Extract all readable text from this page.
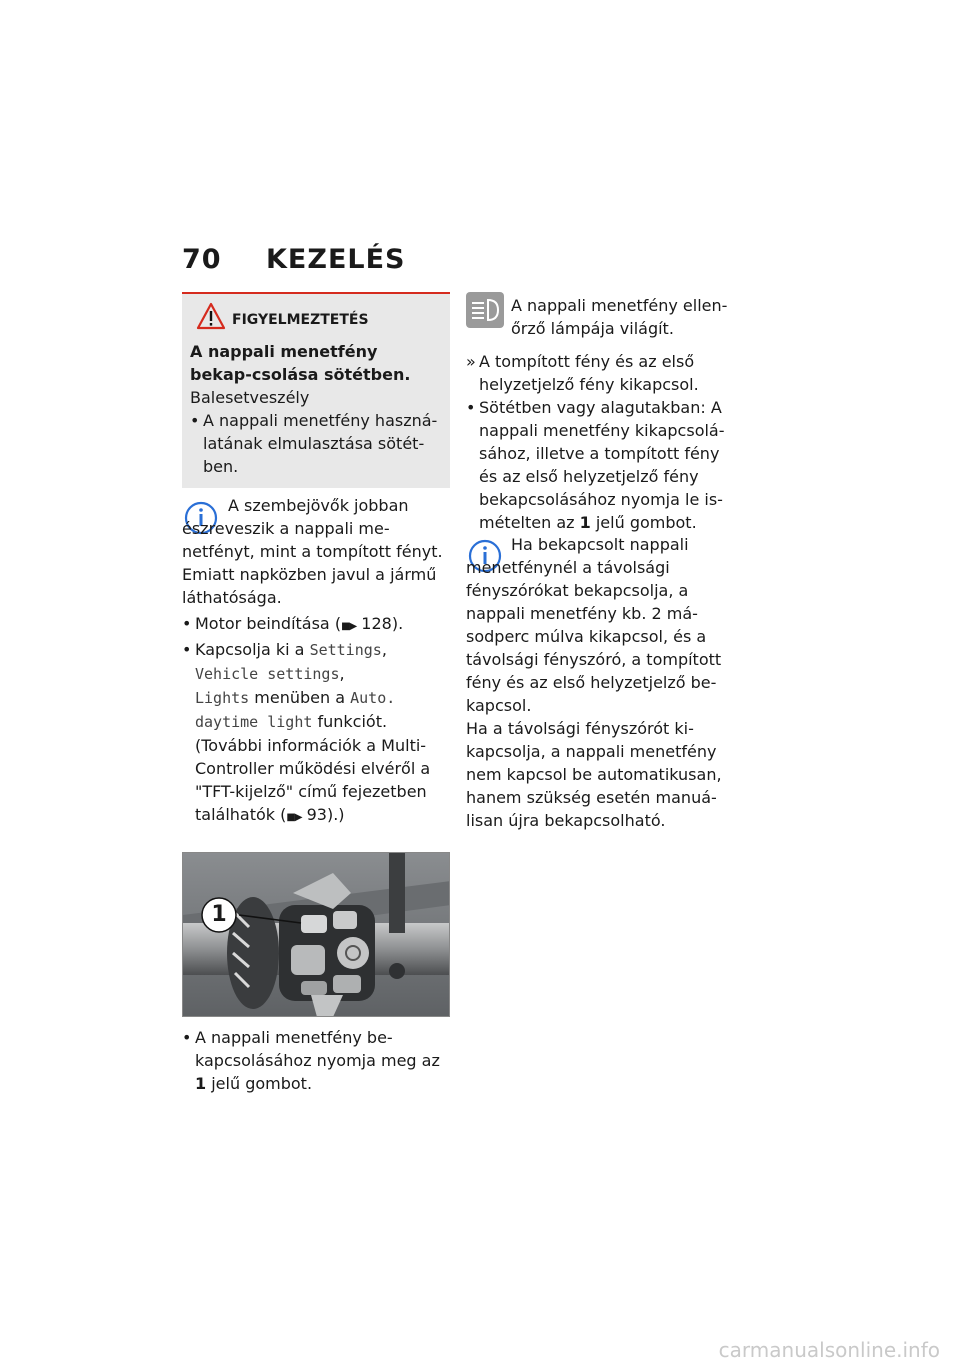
70 KEZELÉS
FIGYELMEZTETÉS
A nappali menetfény bekap-csolása sötétben.
Balesetveszély
• A nappali menetfény haszná-latának elmulasztása sötét-ben.
A szembejövők jobban észreveszik a nappali me-netfényt, mint a tompított fényt. Emiatt napközben javul a jármű láthatósága.
• Motor beindítása (■▶ 128).
• Kapcsolja ki a Settings,
Vehicle settings,
Lights menüben a Auto. daytime light funkciót. (További információk a Multi-Controller működési elvéről a "TFT-kijelző" című fejezetben találhatók (■▶ 93).)
1
• A nappali menetfény be-kapcsolásához nyomja meg az 1 jelű gombot.
A nappali menetfény ellen-őrző lámpája világít.
» A tompított fény és az első helyzetjelző fény kikapcsol.
• Sötétben vagy alagutakban: A nappali menetfény kikapcsolá-sához, illetve a tompított fény és az első helyzetjelző fény bekapcsolásához nyomja le is-mételten az 1 jelű gombot.
Ha bekapcsolt nappali menetfénynél a távolsági fényszórókat bekapcsolja, a nappali menetfény kb. 2 má-sodperc múlva kikapcsol, és a távolsági fényszóró, a tompított fény és az első helyzetjelző be-kapcsol.
Ha a távolsági fényszórót ki-kapcsolja, a nappali menetfény nem kapcsol be automatikusan, hanem szükség esetén manuá-lisan újra bekapcsolható.
carmanualsonline.info
